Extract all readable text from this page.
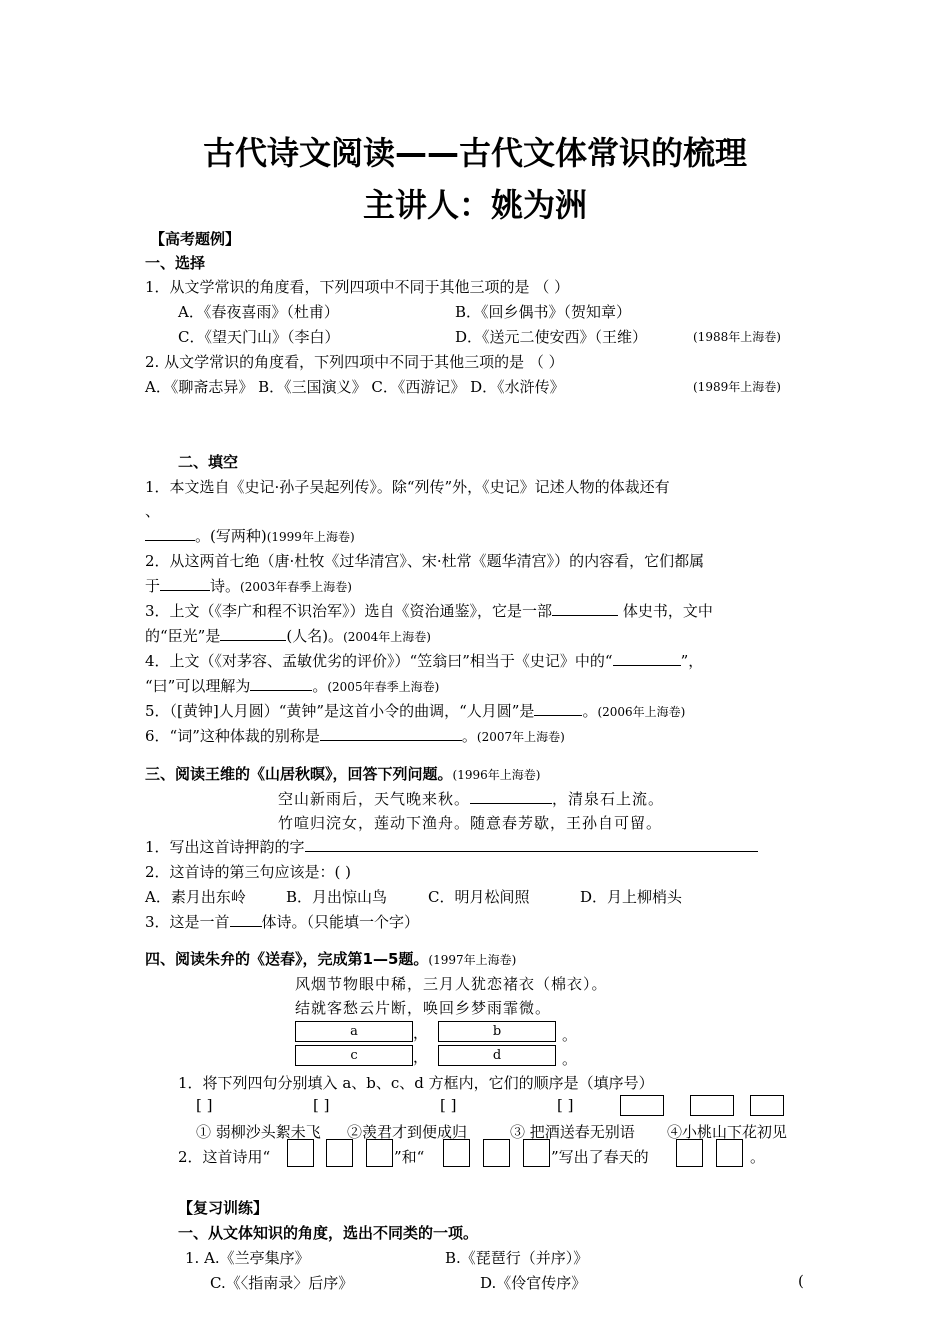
古代诗文阅读——古代文体常识的梳理
主讲人：姚为洲
【高考题例】
一、选择
1．从文学常识的角度看，下列四项中不同于其他三项的是 （ ）
A．《春夜喜雨》（杜甫）	B．《回乡偶书》（贺知章）
C．《望天门山》（李白）	D．《送元二使安西》（王维）	(1988年上海卷)
2. 从文学常识的角度看，下列四项中不同于其他三项的是 （ ）
A．《聊斋志异》 B．《三国演义》 C．《西游记》 D．《水浒传》	(1989年上海卷)
二、填空
1．本文选自《史记·孙子吴起列传》。除“列传”外，《史记》记述人物的体裁还有
、
。(写两种)(1999年上海卷)
2．从这两首七绝（唐·杜牧《过华清宫》、宋·杜常《题华清宫》）的内容看，它们都属
于	诗。(2003年春季上海卷)
3．上文（《李广和程不识治军》）选自《资治通鉴》，它是一部	体史书，文中
的“臣光”是	(人名)。(2004年上海卷)
4．上文（《对茅容、孟敏优劣的评价》）“笠翁曰”相当于《史记》中的“	”，
“曰”可以理解为	。(2005年春季上海卷)
5．（[黄钟]人月圆）“黄钟”是这首小令的曲调，“人月圆”是	。(2006年上海卷)
6．“词”这种体裁的别称是	。(2007年上海卷)
三、阅读王维的《山居秋暝》，回答下列问题。(1996年上海卷)
空山新雨后，天气晚来秋。	，清泉石上流。
竹喧归浣女，莲动下渔舟。随意春芳歇，王孙自可留。
1．写出这首诗押韵的字
2．这首诗的第三句应该是：( )
A．素月出东岭	B．月出惊山鸟	C．明月松间照	D．月上柳梢头
3．这是一首 体诗。（只能填一个字）
四、阅读朱弁的《送春》，完成第1—5题。(1997年上海卷)
风烟节物眼中稀，三月人犹恋褚衣（棉衣）。
结就客愁云片断，唤回乡梦雨霏微。
a	，	b	。
c	，	d	。
1．将下列四句分别填入 a、b、c、d 方框内，它们的顺序是（填序号）
[ ]	[ ]	[ ]	[ ]
① 弱柳沙头絮未飞 ②羡君才到便成归	③ 把酒送春无别语 ④小桃山下花初见
2．这首诗用“	”和“	”写出了春天的	。
【复习训练】
一、从文体知识的角度，选出不同类的一项。
1. A.《兰亭集序》	B.《琵琶行（并序）》
C.《〈指南录〉后序》	D.《伶官传序》	(
